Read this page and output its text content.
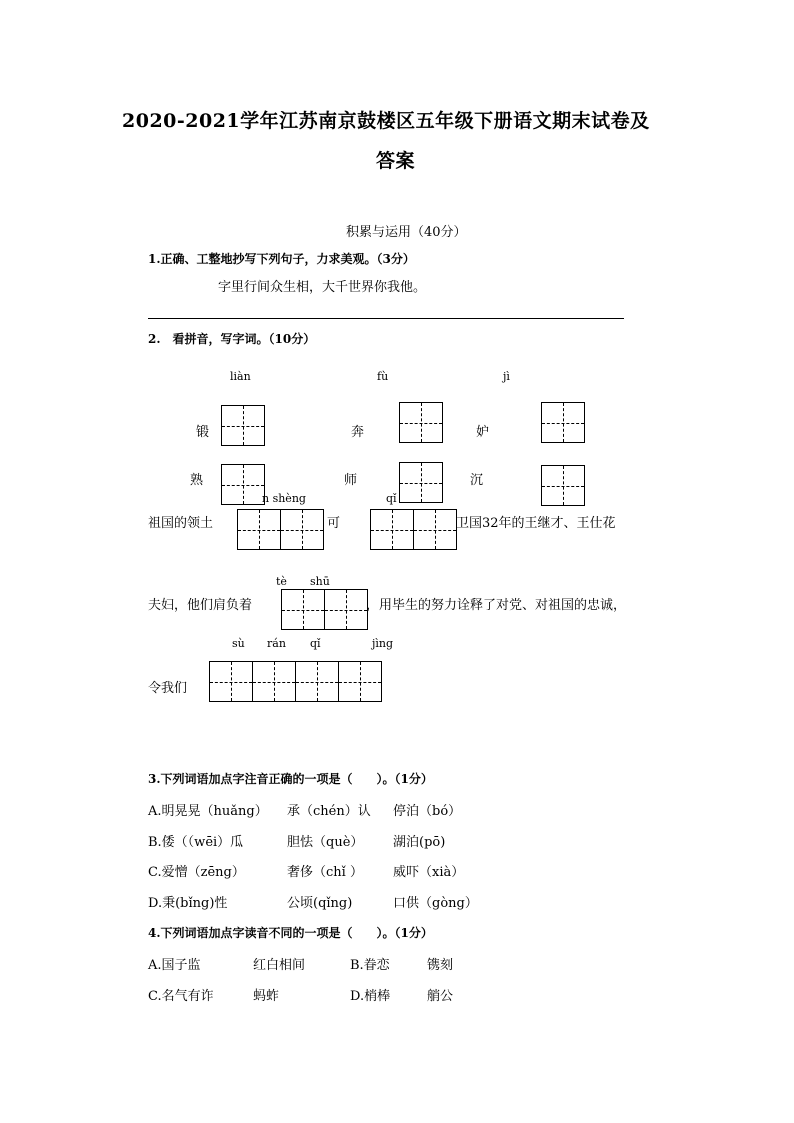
2020-2021学年江苏南京鼓楼区五年级下册语文期末试卷及
答案
积累与运用（40分）
1.正确、工整地抄写下列句子，力求美观。（3分）
字里行间众生相，大千世界你我他。
2.　看拼音，写字词。（10分）
liàn	fù	jì
锻	奔	妒
熟	师	沉
n shèng	qǐ
祖国的领土	可	卫国32年的王继才、王仕花
tè shū
夫妇，他们肩负着	，用毕生的努力诠释了对党、对祖国的忠诚，
sù rán qǐ	jìng
令我们
3.下列词语加点字注音正确的一项是（　　）。（1分）
A.明晃晃（huǎng） 承（chén）认 停泊（bó）
B.倭（（wēi）瓜	胆怯（què） 湖泊(pō)
C.爱憎（zēng）	奢侈（chǐ ） 威吓（xià）
D.秉(bǐng)性	公顷(qǐng)	口供（gòng）
4.下列词语加点字读音不同的一项是（　　）。（1分）
A.国子监	红白相间	B.眷恋	镌刻
C.名气有诈	蚂蚱	D.梢棒	艄公
